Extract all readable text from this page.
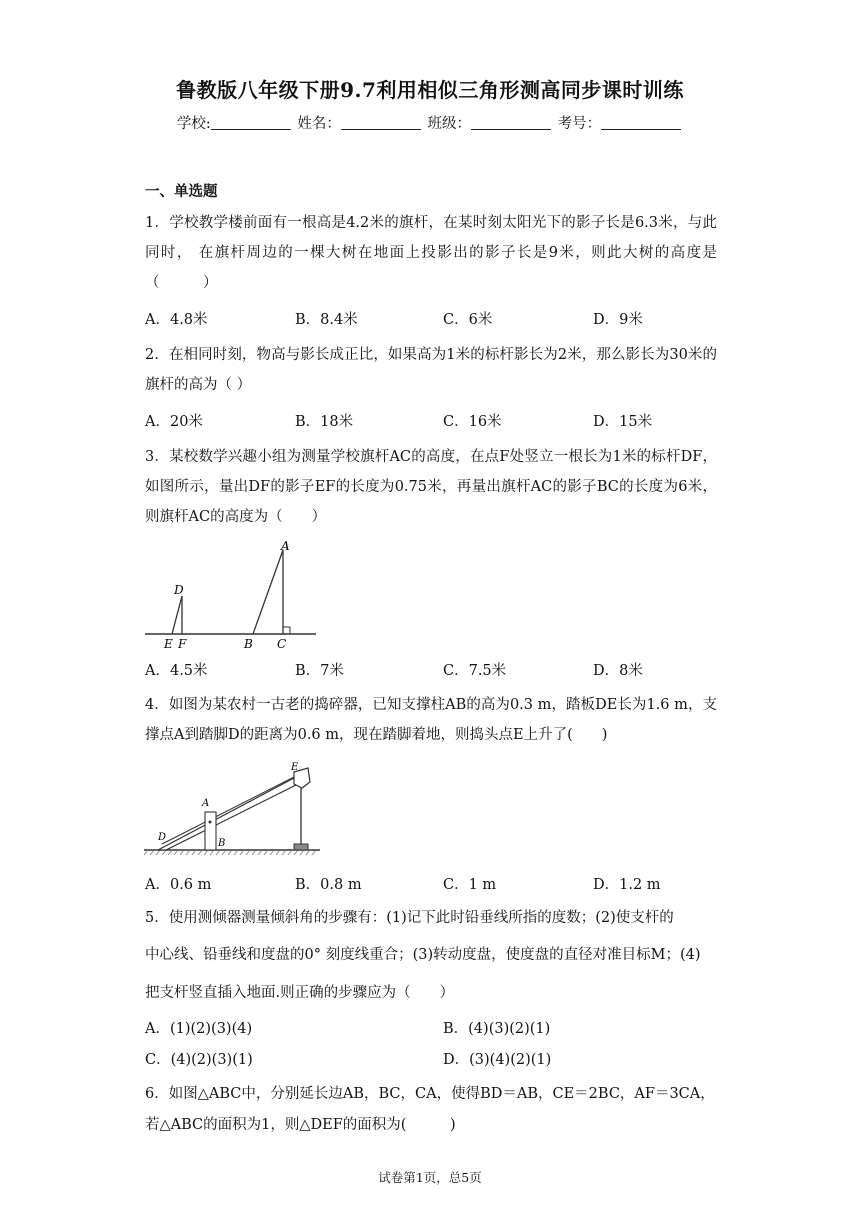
鲁教版八年级下册9.7利用相似三角形测高同步课时训练
学校:	姓名：	班级：	考号：
一、单选题
1．学校教学楼前面有一根高是4.2米的旗杆，在某时刻太阳光下的影子长是6.3米，与此同时， 在旗杆周边的一棵大树在地面上投影出的影子长是9米，则此大树的高度是（　　　）
A．4.8米	B．8.4米	C．6米	D．9米
2．在相同时刻，物高与影长成正比，如果高为1米的标杆影长为2米，那么影长为30米的旗杆的高为（ ）
A．20米	B．18米	C．16米	D．15米
3．某校数学兴趣小组为测量学校旗杆AC的高度，在点F处竖立一根长为1米的标杆DF，如图所示，量出DF的影子EF的长度为0.75米，再量出旗杆AC的影子BC的长度为6米，则旗杆AC的高度为（　　）
A
D
E F	B C
A．4.5米	B．7米	C．7.5米	D．8米
4．如图为某农村一古老的捣碎器，已知支撑柱AB的高为0.3 m，踏板DE长为1.6 m，支撑点A到踏脚D的距离为0.6 m，现在踏脚着地，则捣头点E上升了(　　)
A
B
D
E
A．0.6 m	B．0.8 m	C．1 m	D．1.2 m
5．使用测倾器测量倾斜角的步骤有：(1)记下此时铅垂线所指的度数；(2)使支杆的
中心线、铅垂线和度盘的0° 刻度线重合；(3)转动度盘，使度盘的直径对准目标M；(4)
把支杆竖直插入地面.则正确的步骤应为（　　）
A．(1)(2)(3)(4)	B．(4)(3)(2)(1)
C．(4)(2)(3)(1)	D．(3)(4)(2)(1)
6．如图△ABC中，分别延长边AB，BC，CA，使得BD＝AB，CE＝2BC，AF＝3CA，
若△ABC的面积为1，则△DEF的面积为(　　　)
试卷第1页，总5页
